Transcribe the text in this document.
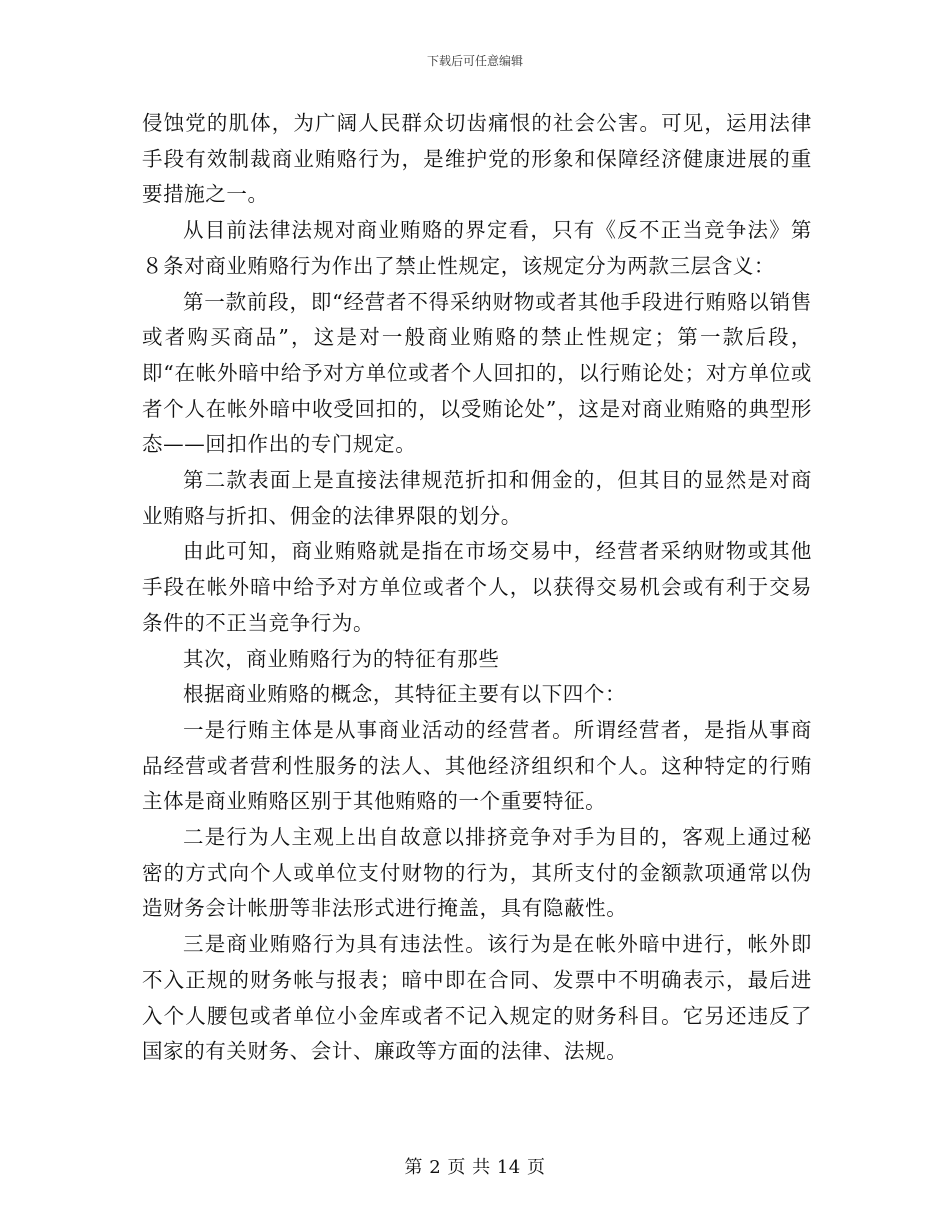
下载后可任意编辑

侵蚀党的肌体，为广阔人民群众切齿痛恨的社会公害。可见，运用法律手段有效制裁商业贿赂行为，是维护党的形象和保障经济健康进展的重要措施之一。

从目前法律法规对商业贿赂的界定看，只有《反不正当竞争法》第８条对商业贿赂行为作出了禁止性规定，该规定分为两款三层含义：

第一款前段，即“经营者不得采纳财物或者其他手段进行贿赂以销售或者购买商品”，这是对一般商业贿赂的禁止性规定；第一款后段，即“在帐外暗中给予对方单位或者个人回扣的，以行贿论处；对方单位或者个人在帐外暗中收受回扣的，以受贿论处”，这是对商业贿赂的典型形态——回扣作出的专门规定。

第二款表面上是直接法律规范折扣和佣金的，但其目的显然是对商业贿赂与折扣、佣金的法律界限的划分。

由此可知，商业贿赂就是指在市场交易中，经营者采纳财物或其他手段在帐外暗中给予对方单位或者个人，以获得交易机会或有利于交易条件的不正当竞争行为。

其次，商业贿赂行为的特征有那些

根据商业贿赂的概念，其特征主要有以下四个：

一是行贿主体是从事商业活动的经营者。所谓经营者，是指从事商品经营或者营利性服务的法人、其他经济组织和个人。这种特定的行贿主体是商业贿赂区别于其他贿赂的一个重要特征。

二是行为人主观上出自故意以排挤竞争对手为目的，客观上通过秘密的方式向个人或单位支付财物的行为，其所支付的金额款项通常以伪造财务会计帐册等非法形式进行掩盖，具有隐蔽性。

三是商业贿赂行为具有违法性。该行为是在帐外暗中进行，帐外即不入正规的财务帐与报表；暗中即在合同、发票中不明确表示，最后进入个人腰包或者单位小金库或者不记入规定的财务科目。它另还违反了国家的有关财务、会计、廉政等方面的法律、法规。

第 2 页 共 14 页
